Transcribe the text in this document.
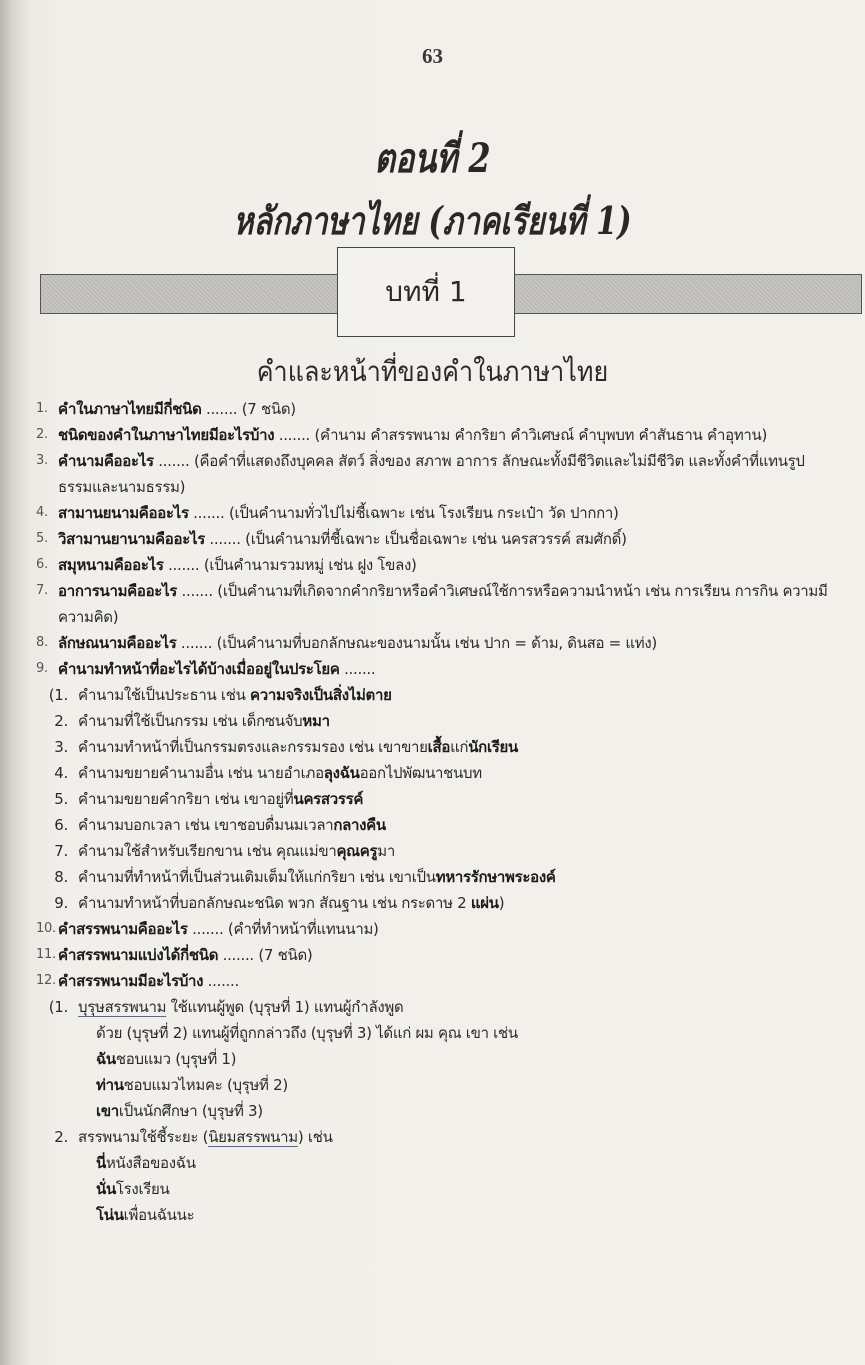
63
ตอนที่ 2
หลักภาษาไทย (ภาคเรียนที่ 1)
บทที่ 1
คำและหน้าที่ของคำในภาษาไทย
1. คำในภาษาไทยมีกี่ชนิด ....... (7 ชนิด)
2. ชนิดของคำในภาษาไทยมีอะไรบ้าง ....... (คำนาม คำสรรพนาม คำกริยา คำวิเศษณ์ คำบุพบท คำสันธาน คำอุทาน)
3. คำนามคืออะไร ....... (คือคำที่แสดงถึงบุคคล สัตว์ สิ่งของ สภาพ อาการ ลักษณะทั้งมีชีวิตและไม่มีชีวิต และทั้งคำที่แทนรูปธรรมและนามธรรม)
4. สามานยนามคืออะไร ....... (เป็นคำนามทั่วไปไม่ชี้เฉพาะ เช่น โรงเรียน กระเป๋า วัด ปากกา)
5. วิสามานยานามคืออะไร ....... (เป็นคำนามที่ชี้เฉพาะ เป็นชื่อเฉพาะ เช่น นครสวรรค์ สมศักดิ์)
6. สมุหนามคืออะไร ....... (เป็นคำนามรวมหมู่ เช่น ฝูง โขลง)
7. อาการนามคืออะไร ....... (เป็นคำนามที่เกิดจากคำกริยาหรือคำวิเศษณ์ใช้การหรือความนำหน้า เช่น การเรียน การกิน ความมีความคิด)
8. ลักษณนามคืออะไร ....... (เป็นคำนามที่บอกลักษณะของนามนั้น เช่น ปาก = ด้าม, ดินสอ = แท่ง)
9. คำนามทำหน้าที่อะไรได้บ้างเมื่ออยู่ในประโยค .......
(1. คำนามใช้เป็นประธาน เช่น ความจริงเป็นสิ่งไม่ตาย
2. คำนามที่ใช้เป็นกรรม เช่น เด็กซนจับหมา
3. คำนามทำหน้าที่เป็นกรรมตรงและกรรมรอง เช่น เขาขายเสื้อแก่นักเรียน
4. คำนามขยายคำนามอื่น เช่น นายอำเภอลุงฉันออกไปพัฒนาชนบท
5. คำนามขยายคำกริยา เช่น เขาอยู่ที่นครสวรรค์
6. คำนามบอกเวลา เช่น เขาชอบดื่มนมเวลากลางคืน
7. คำนามใช้สำหรับเรียกขาน เช่น คุณแม่ขาคุณครูมา
8. คำนามที่ทำหน้าที่เป็นส่วนเติมเต็มให้แก่กริยา เช่น เขาเป็นทหารรักษาพระองค์
9. คำนามทำหน้าที่บอกลักษณะชนิด พวก สัณฐาน เช่น กระดาษ 2 แผ่น)
10. คำสรรพนามคืออะไร ....... (คำที่ทำหน้าที่แทนนาม)
11. คำสรรพนามแบ่งได้กี่ชนิด ....... (7 ชนิด)
12. คำสรรพนามมีอะไรบ้าง .......
(1. บุรุษสรรพนาม ใช้แทนผู้พูด (บุรุษที่ 1) แทนผู้กำลังพูด
ด้วย (บุรุษที่ 2) แทนผู้ที่ถูกกล่าวถึง (บุรุษที่ 3) ได้แก่ ผม คุณ เขา เช่น
ฉันชอบแมว (บุรุษที่ 1)
ท่านชอบแมวไหมคะ (บุรุษที่ 2)
เขาเป็นนักศึกษา (บุรุษที่ 3)
2. สรรพนามใช้ชี้ระยะ (นิยมสรรพนาม) เช่น
นี่หนังสือของฉัน
นั่นโรงเรียน
โน่นเพื่อนฉันนะ
